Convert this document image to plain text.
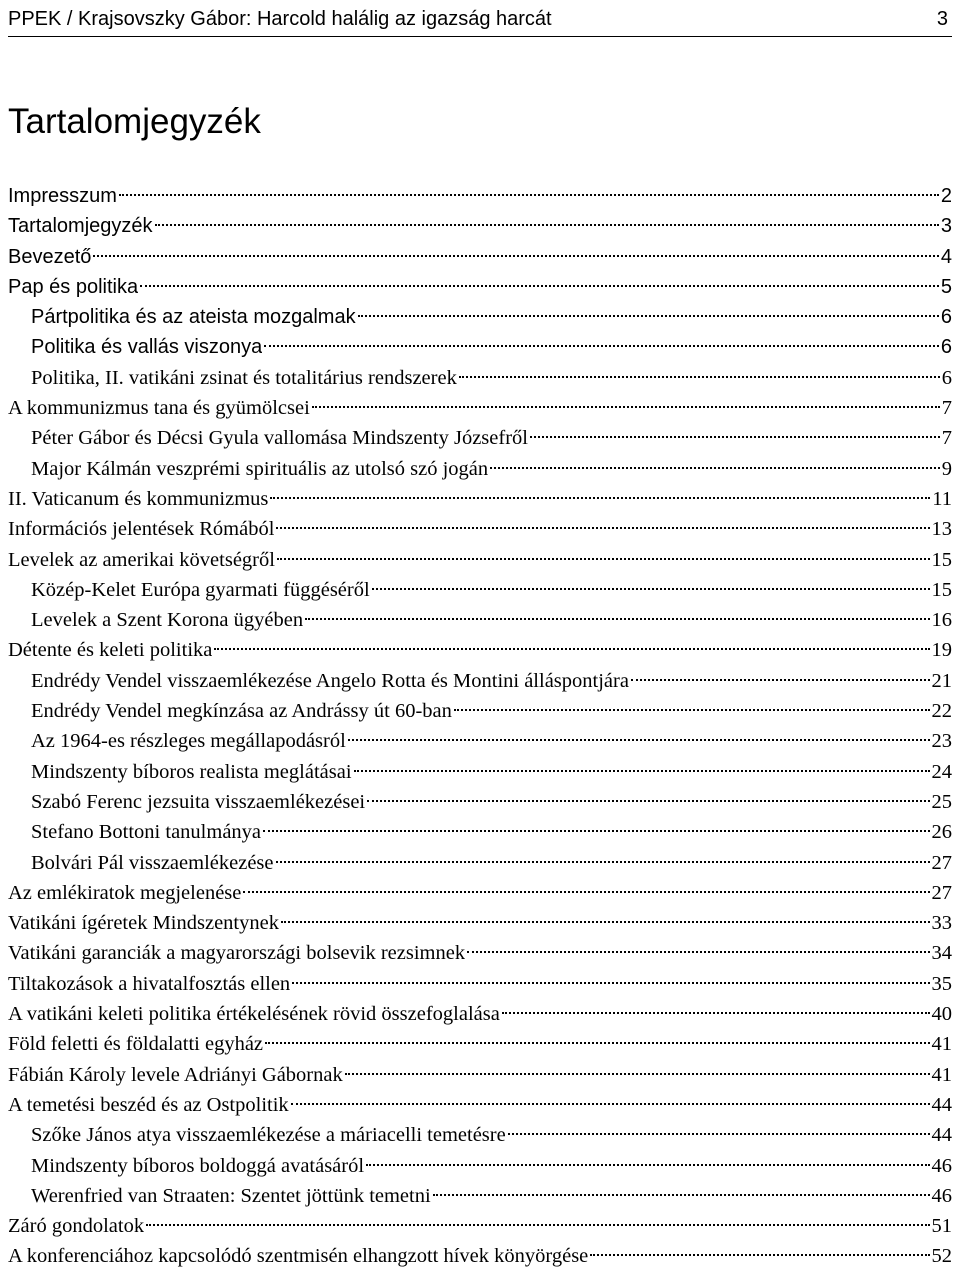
PPEK / Krajsovszky Gábor: Harcold halálig az igazság harcát	3
Tartalomjegyzék
Impresszum	2
Tartalomjegyzék	3
Bevezető	4
Pap és politika	5
Pártpolitika és az ateista mozgalmak	6
Politika és vallás viszonya	6
Politika, II. vatikáni zsinat és totalitárius rendszerek	6
A kommunizmus tana és gyümölcsei	7
Péter Gábor és Décsi Gyula vallomása Mindszenty Józsefről	7
Major Kálmán veszprémi spirituális az utolsó szó jogán	9
II. Vaticanum és kommunizmus	11
Információs jelentések Rómából	13
Levelek az amerikai követségről	15
Közép-Kelet Európa gyarmati függéséről	15
Levelek a Szent Korona ügyében	16
Détente és keleti politika	19
Endrédy Vendel visszaemlékezése Angelo Rotta és Montini álláspontjára	21
Endrédy Vendel megkínzása az Andrássy út 60-ban	22
Az 1964-es részleges megállapodásról	23
Mindszenty bíboros realista meglátásai	24
Szabó Ferenc jezsuita visszaemlékezései	25
Stefano Bottoni tanulmánya	26
Bolvári Pál visszaemlékezése	27
Az emlékiratok megjelenése	27
Vatikáni ígéretek Mindszentynek	33
Vatikáni garanciák a magyarországi bolsevik rezsimnek	34
Tiltakozások a hivatalfosztás ellen	35
A vatikáni keleti politika értékelésének rövid összefoglalása	40
Föld feletti és földalatti egyház	41
Fábián Károly levele Adriányi Gábornak	41
A temetési beszéd és az Ostpolitik	44
Szőke János atya visszaemlékezése a máriacelli temetésre	44
Mindszenty bíboros boldoggá avatásáról	46
Werenfried van Straaten: Szentet jöttünk temetni	46
Záró gondolatok	51
A konferenciához kapcsolódó szentmisén elhangzott hívek könyörgése	52
